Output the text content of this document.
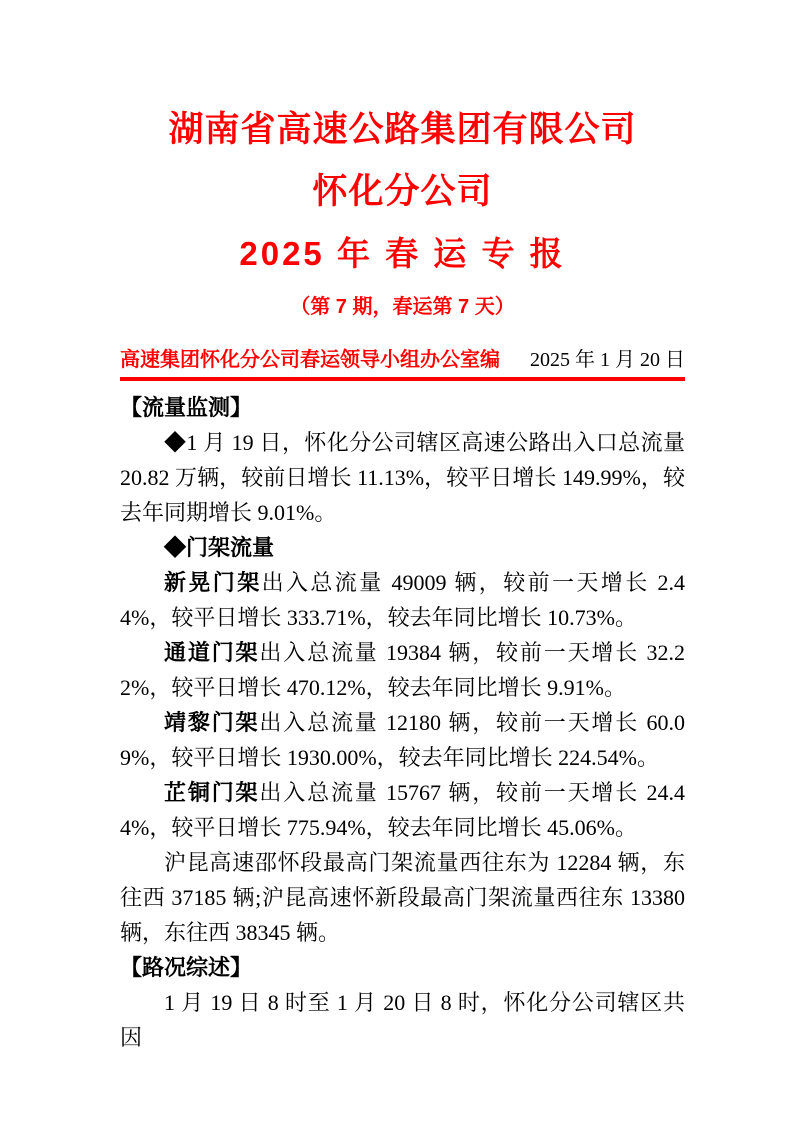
湖南省高速公路集团有限公司
怀化分公司
2025 年 春 运 专 报
（第 7 期，春运第 7 天）
高速集团怀化分公司春运领导小组办公室编 2025 年 1 月 20 日
【流量监测】

◆1 月 19 日，怀化分公司辖区高速公路出入口总流量 20.82 万辆，较前日增长 11.13%，较平日增长 149.99%，较去年同期增长 9.01%。

◆门架流量

新晃门架出入总流量 49009 辆，较前一天增长 2.44%，较平日增长 333.71%，较去年同比增长 10.73%。

通道门架出入总流量 19384 辆，较前一天增长 32.22%，较平日增长 470.12%，较去年同比增长 9.91%。

靖黎门架出入总流量 12180 辆，较前一天增长 60.09%，较平日增长 1930.00%，较去年同比增长 224.54%。

芷铜门架出入总流量 15767 辆，较前一天增长 24.44%，较平日增长 775.94%，较去年同比增长 45.06%。

沪昆高速邵怀段最高门架流量西往东为 12284 辆，东往西 37185 辆;沪昆高速怀新段最高门架流量西往东 13380 辆，东往西 38345 辆。

【路况综述】

1 月 19 日 8 时至 1 月 20 日 8 时，怀化分公司辖区共因
